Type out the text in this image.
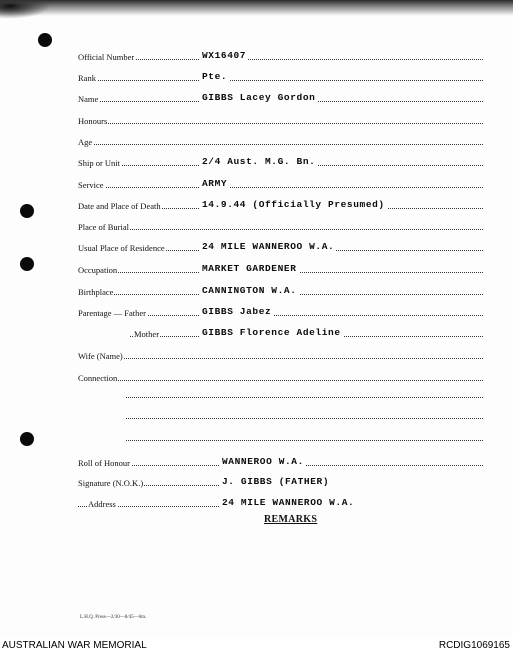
Official Number	WX16407
Rank	Pte.
Name	GIBBS Lacey Gordon
Honours
Age
Ship or Unit	2/4 Aust. M.G. Bn.
Service	ARMY
Date and Place of Death	14.9.44 (Officially Presumed)
Place of Burial
Usual Place of Residence	24 MILE WANNEROO W.A.
Occupation	MARKET GARDENER
Birthplace	CANNINGTON W.A.
Parentage — Father	GIBBS Jabez
Mother	GIBBS Florence Adeline
Wife (Name)
Connection
Roll of Honour	WANNEROO W.A.
Signature (N.O.K.)	J. GIBBS (FATHER)
Address	24 MILE WANNEROO W.A.
REMARKS
L.H.Q. Press—2/30—8/45—6m.
AUSTRALIAN WAR MEMORIAL	RCDIG1069165
